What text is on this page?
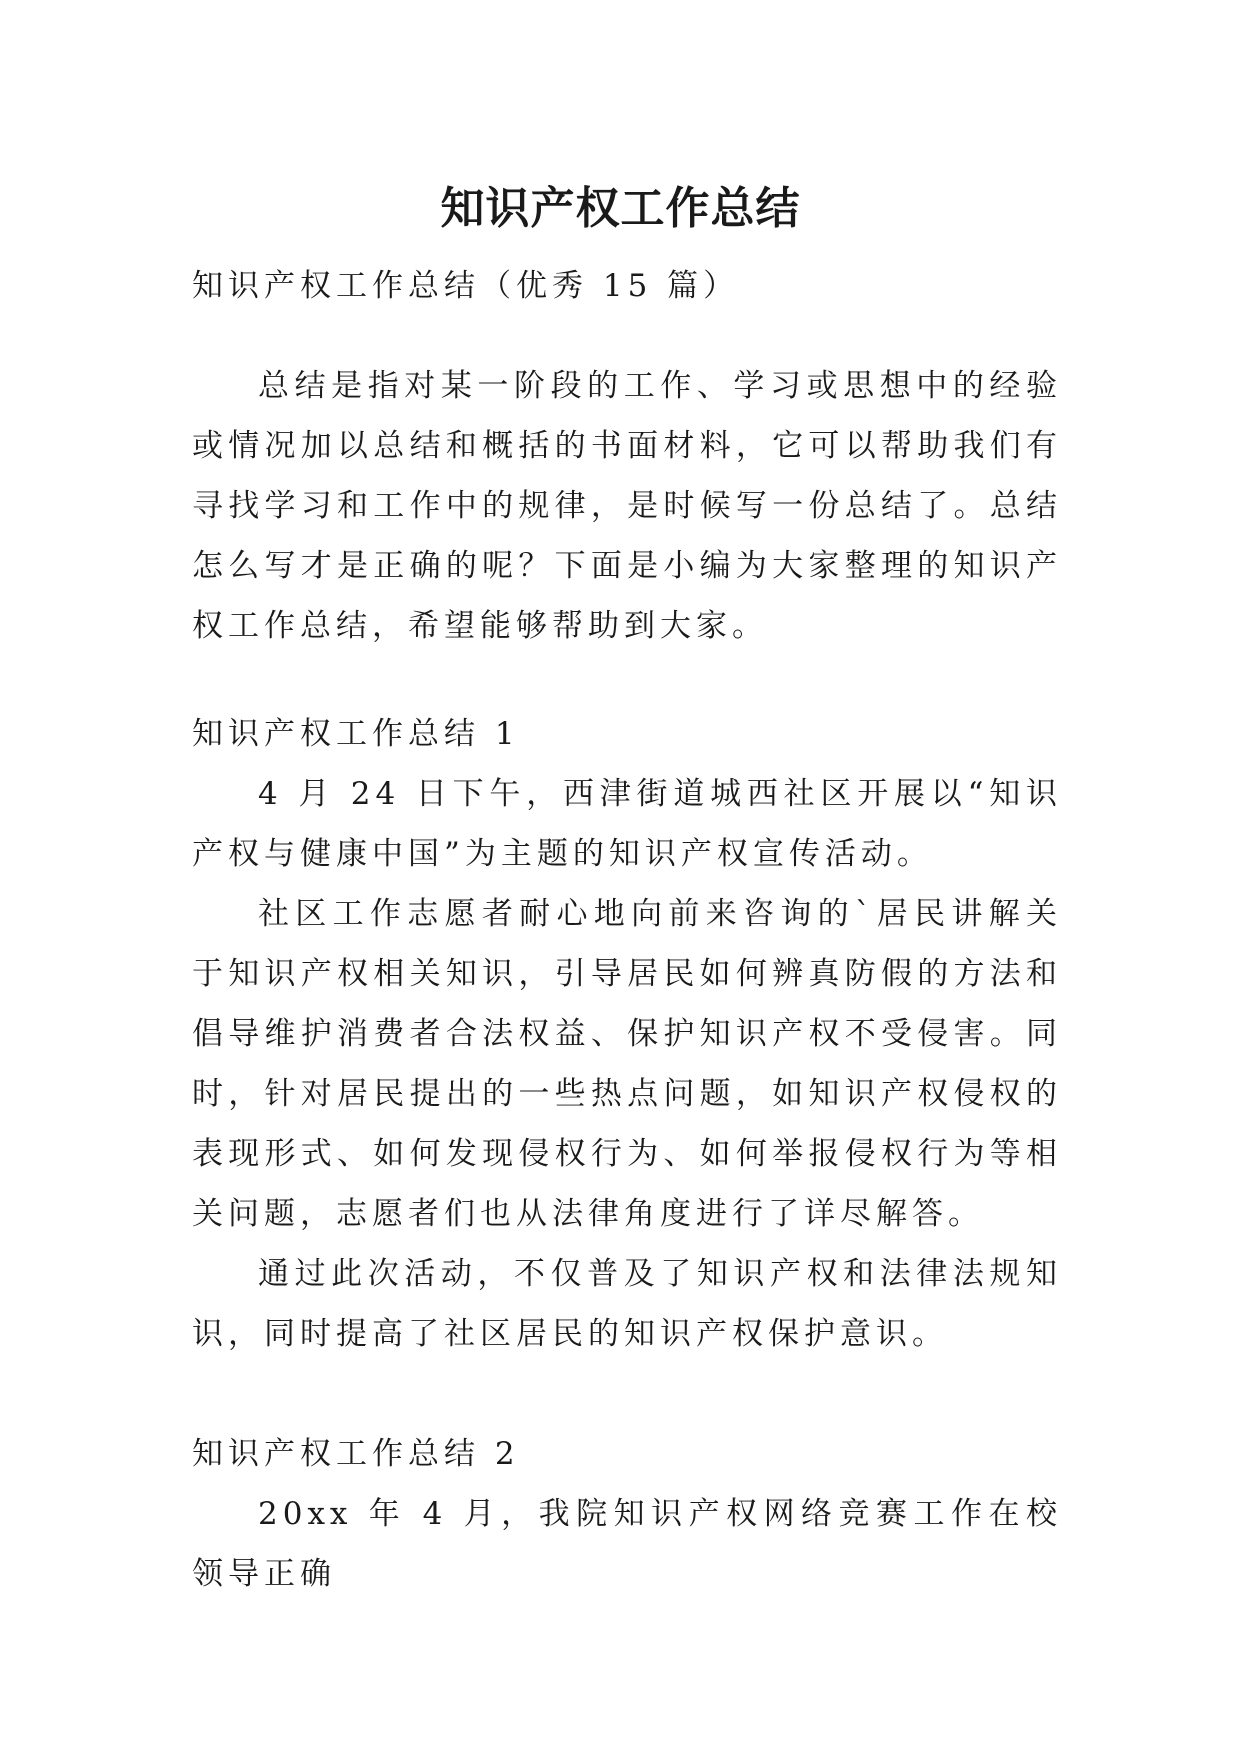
知识产权工作总结
知识产权工作总结（优秀 15 篇）

总结是指对某一阶段的工作、学习或思想中的经验或情况加以总结和概括的书面材料，它可以帮助我们有寻找学习和工作中的规律，是时候写一份总结了。总结怎么写才是正确的呢？下面是小编为大家整理的知识产权工作总结，希望能够帮助到大家。

知识产权工作总结 1

4 月 24 日下午，西津街道城西社区开展以“知识产权与健康中国”为主题的知识产权宣传活动。

社区工作志愿者耐心地向前来咨询的`居民讲解关于知识产权相关知识，引导居民如何辨真防假的方法和倡导维护消费者合法权益、保护知识产权不受侵害。同时，针对居民提出的一些热点问题，如知识产权侵权的表现形式、如何发现侵权行为、如何举报侵权行为等相关问题，志愿者们也从法律角度进行了详尽解答。

通过此次活动，不仅普及了知识产权和法律法规知识，同时提高了社区居民的知识产权保护意识。

知识产权工作总结 2

20xx 年 4 月，我院知识产权网络竞赛工作在校领导正确
